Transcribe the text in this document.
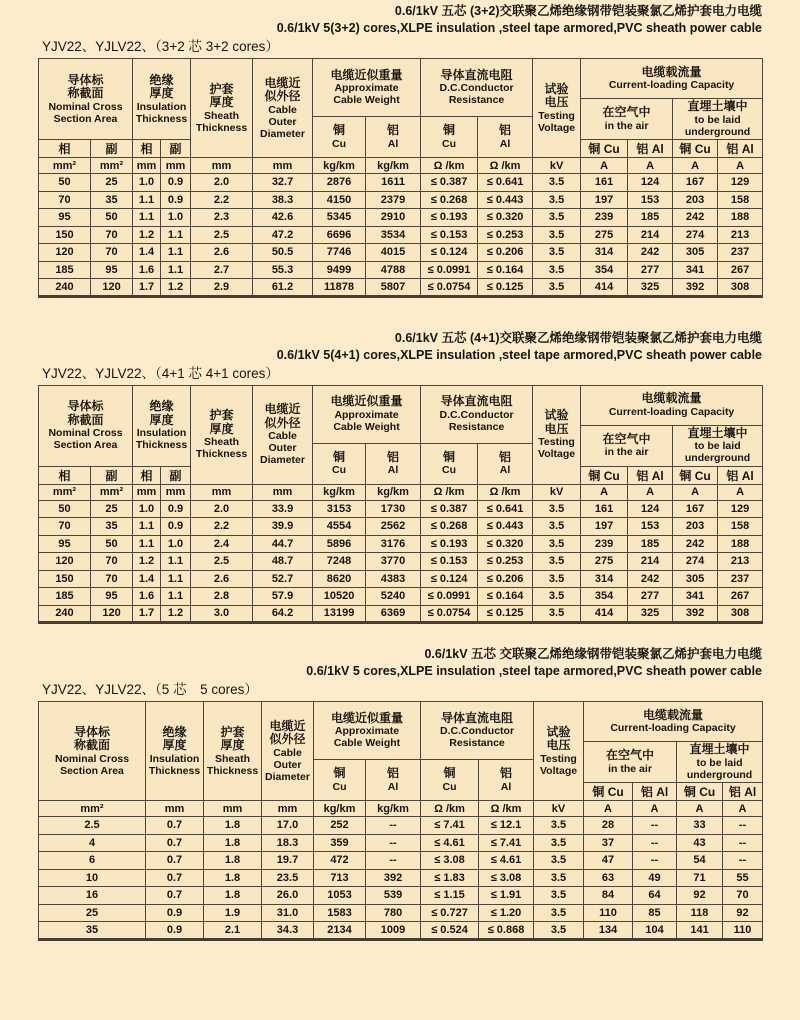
0.6/1kV 五芯 (3+2)交联聚乙烯绝缘钢带铠装聚氯乙烯护套电力电缆
0.6/1kV 5(3+2) cores,XLPE insulation ,steel tape armored,PVC sheath power cable
YJV22、YJLV22、（3+2 芯 3+2 cores）
导体标
称截面
Nominal Cross
Section Area

绝缘
厚度
Insulation
Thickness

护套
厚度
Sheath
Thickness

电缆近
似外径
Cable
Outer
Diameter

电缆近似重量
Approximate
Cable Weight

导体直流电阻
D.C.Conductor
Resistance

试验
电压
Testing
Voltage

电缆载流量
Current-loading Capacity

在空气中
in the air

直埋土壤中
to be laid
underground

铜
Cu

铝
Al

铜
Cu

铝
Al

相	副	相	副								铜 Cu	铝 Al	铜 Cu	铝 Al
mm²	mm²	mm	mm	mm	mm	kg/km	kg/km	Ω /km	Ω /km	kV	A	A	A	A
50	25	1.0	0.9	2.0	32.7	2876	1611	≤ 0.387	≤ 0.641	3.5	161	124	167	129
70	35	1.1	0.9	2.2	38.3	4150	2379	≤ 0.268	≤ 0.443	3.5	197	153	203	158
95	50	1.1	1.0	2.3	42.6	5345	2910	≤ 0.193	≤ 0.320	3.5	239	185	242	188
150	70	1.2	1.1	2.5	47.2	6696	3534	≤ 0.153	≤ 0.253	3.5	275	214	274	213
120	70	1.4	1.1	2.6	50.5	7746	4015	≤ 0.124	≤ 0.206	3.5	314	242	305	237
185	95	1.6	1.1	2.7	55.3	9499	4788	≤ 0.0991	≤ 0.164	3.5	354	277	341	267
240	120	1.7	1.2	2.9	61.2	11878	5807	≤ 0.0754	≤ 0.125	3.5	414	325	392	308
0.6/1kV 五芯 (4+1)交联聚乙烯绝缘钢带铠装聚氯乙烯护套电力电缆
0.6/1kV 5(4+1) cores,XLPE insulation ,steel tape armored,PVC sheath power cable
YJV22、YJLV22、（4+1 芯 4+1 cores）
导体标
称截面
Nominal Cross
Section Area

绝缘
厚度
Insulation
Thickness

护套
厚度
Sheath
Thickness

电缆近
似外径
Cable
Outer
Diameter

电缆近似重量
Approximate
Cable Weight

导体直流电阻
D.C.Conductor
Resistance

试验
电压
Testing
Voltage

电缆载流量
Current-loading Capacity

在空气中
in the air

直埋土壤中
to be laid
underground

铜
Cu

铝
Al

铜
Cu

铝
Al

相	副	相	副								铜 Cu	铝 Al	铜 Cu	铝 Al
mm²	mm²	mm	mm	mm	mm	kg/km	kg/km	Ω /km	Ω /km	kV	A	A	A	A
50	25	1.0	0.9	2.0	33.9	3153	1730	≤ 0.387	≤ 0.641	3.5	161	124	167	129
70	35	1.1	0.9	2.2	39.9	4554	2562	≤ 0.268	≤ 0.443	3.5	197	153	203	158
95	50	1.1	1.0	2.4	44.7	5896	3176	≤ 0.193	≤ 0.320	3.5	239	185	242	188
120	70	1.2	1.1	2.5	48.7	7248	3770	≤ 0.153	≤ 0.253	3.5	275	214	274	213
150	70	1.4	1.1	2.6	52.7	8620	4383	≤ 0.124	≤ 0.206	3.5	314	242	305	237
185	95	1.6	1.1	2.8	57.9	10520	5240	≤ 0.0991	≤ 0.164	3.5	354	277	341	267
240	120	1.7	1.2	3.0	64.2	13199	6369	≤ 0.0754	≤ 0.125	3.5	414	325	392	308
0.6/1kV 五芯 交联聚乙烯绝缘钢带铠装聚氯乙烯护套电力电缆
0.6/1kV 5 cores,XLPE insulation ,steel tape armored,PVC sheath power cable
YJV22、YJLV22、（5 芯　5 cores）
导体标
称截面
Nominal Cross
Section Area

绝缘
厚度
Insulation
Thickness

护套
厚度
Sheath
Thickness

电缆近
似外径
Cable
Outer
Diameter

电缆近似重量
Approximate
Cable Weight

导体直流电阻
D.C.Conductor
Resistance

试验
电压
Testing
Voltage

电缆载流量
Current-loading Capacity

在空气中
in the air

直埋土壤中
to be laid
underground

铜
Cu

铝
Al

铜
Cu

铝
Al

									铜 Cu	铝 Al	铜 Cu	铝 Al
mm²	mm	mm	mm	kg/km	kg/km	Ω /km	Ω /km	kV	A	A	A	A
2.5	0.7	1.8	17.0	252	--	≤ 7.41	≤ 12.1	3.5	28	--	33	--
4	0.7	1.8	18.3	359	--	≤ 4.61	≤ 7.41	3.5	37	--	43	--
6	0.7	1.8	19.7	472	--	≤ 3.08	≤ 4.61	3.5	47	--	54	--
10	0.7	1.8	23.5	713	392	≤ 1.83	≤ 3.08	3.5	63	49	71	55
16	0.7	1.8	26.0	1053	539	≤ 1.15	≤ 1.91	3.5	84	64	92	70
25	0.9	1.9	31.0	1583	780	≤ 0.727	≤ 1.20	3.5	110	85	118	92
35	0.9	2.1	34.3	2134	1009	≤ 0.524	≤ 0.868	3.5	134	104	141	110
